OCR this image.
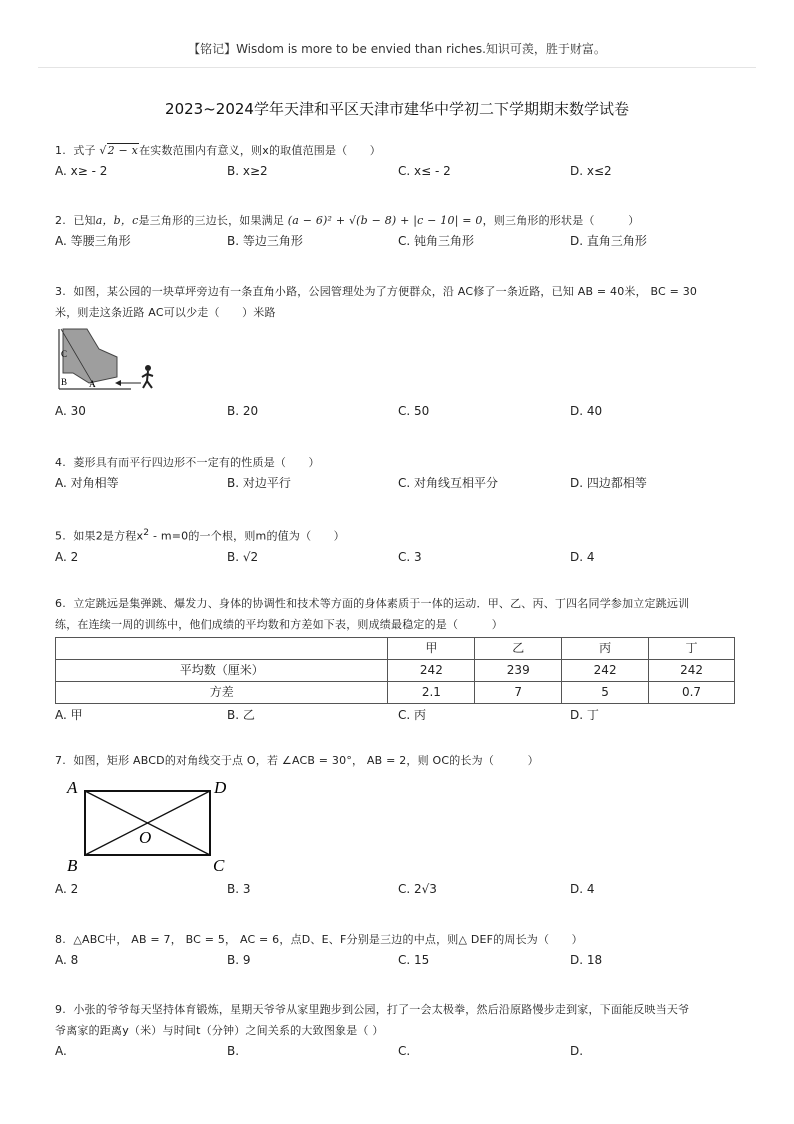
【铭记】Wisdom is more to be envied than riches.知识可羡，胜于财富。
2023~2024学年天津和平区天津市建华中学初二下学期期末数学试卷
1. 式子 √2 − x在实数范围内有意义，则x的取值范围是（　　）
A. x≥ - 2	B. x≥2	C. x≤ - 2	D. x≤2
2. 已知a，b，c是三角形的三边长，如果满足 (a − 6)² + √(b − 8) + |c − 10| = 0，则三角形的形状是（　　　）
A. 等腰三角形	B. 等边三角形	C. 钝角三角形	D. 直角三角形
3. 如图，某公园的一块草坪旁边有一条直角小路，公园管理处为了方便群众，沿 AC修了一条近路，已知 AB = 40米， BC = 30
米，则走这条近路 AC可以少走（　　）米路
C
B A
A. 30	B. 20	C. 50	D. 40
4. 菱形具有而平行四边形不一定有的性质是（　　）
A. 对角相等	B. 对边平行	C. 对角线互相平分	D. 四边都相等
5. 如果2是方程$x^2 - m=0$的一个根，则m的值为（　　）
A. 2	B. √2	C. 3	D. 4
6. 立定跳远是集弹跳、爆发力、身体的协调性和技术等方面的身体素质于一体的运动．甲、乙、丙、丁四名同学参加立定跳远训
练，在连续一周的训练中，他们成绩的平均数和方差如下表，则成绩最稳定的是（　　　）
	甲	乙	丙	丁
平均数（厘米）	242	239	242	242
方差	2.1	7	5	0.7
A. 甲	B. 乙	C. 丙	D. 丁
7. 如图，矩形 ABCD的对角线交于点 O，若 ∠ACB = 30°， AB = 2，则 OC的长为（　　　）
A	D
B	C
O
A. 2	B. 3	C. 2√3	D. 4
8. △ABC中， AB = 7， BC = 5， AC = 6，点D、E、F分别是三边的中点，则△ DEF的周长为（　　）
A. 8	B. 9	C. 15	D. 18
9. 小张的爷爷每天坚持体育锻炼，星期天爷爷从家里跑步到公园，打了一会太极拳，然后沿原路慢步走到家，下面能反映当天爷
爷离家的距离y（米）与时间t（分钟）之间关系的大致图象是（ ）
A.	B.	C.	D.
